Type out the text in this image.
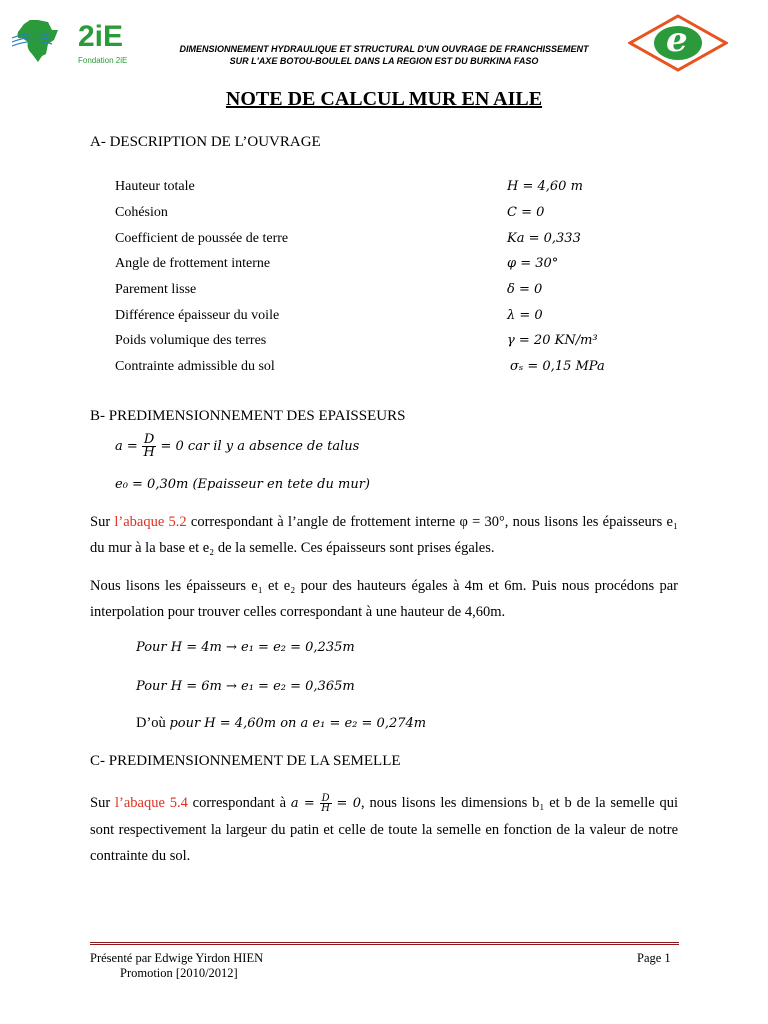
2iE
Fondation 2iE
DIMENSIONNEMENT HYDRAULIQUE ET STRUCTURAL D'UN OUVRAGE DE FRANCHISSEMENT
SUR L'AXE BOTOU-BOULEL DANS LA REGION EST DU BURKINA FASO
e
NOTE DE CALCUL MUR EN AILE
A- DESCRIPTION DE L’OUVRAGE
Hauteur totale	H = 4,60 m
Cohésion	C = 0
Coefficient de poussée de terre	Ka = 0,333
Angle de frottement interne	φ = 30°
Parement lisse	δ = 0
Différence épaisseur du voile	λ = 0
Poids volumique des terres	γ = 20 KN/m³
Contrainte admissible du sol	σₛ = 0,15 MPa
B- PREDIMENSIONNEMENT DES EPAISSEURS
$a = \frac{D}{H} = 0$ car il y a absence de talus
e₀ = 0,30m (Epaisseur en tete du mur)
Sur l’abaque 5.2 correspondant à l’angle de frottement interne φ = 30°, nous lisons les épaisseurs e₁ du mur à la base et e₂ de la semelle. Ces épaisseurs sont prises égales.
Nous lisons les épaisseurs e₁ et e₂ pour des hauteurs égales à 4m et 6m. Puis nous procédons par interpolation pour trouver celles correspondant à une hauteur de 4,60m.
Pour H = 4m → e₁ = e₂ = 0,235m
Pour H = 6m → e₁ = e₂ = 0,365m
D’où pour H = 4,60m on a e₁ = e₂ = 0,274m
C- PREDIMENSIONNEMENT DE LA SEMELLE
Sur l’abaque 5.4 correspondant à $a = \frac{D}{H} = 0$, nous lisons les dimensions b₁ et b de la semelle qui sont respectivement la largeur du patin et celle de toute la semelle en fonction de la valeur de notre contrainte du sol.
Présenté par Edwige Yirdon HIEN
Promotion [2010/2012]
Page 1
